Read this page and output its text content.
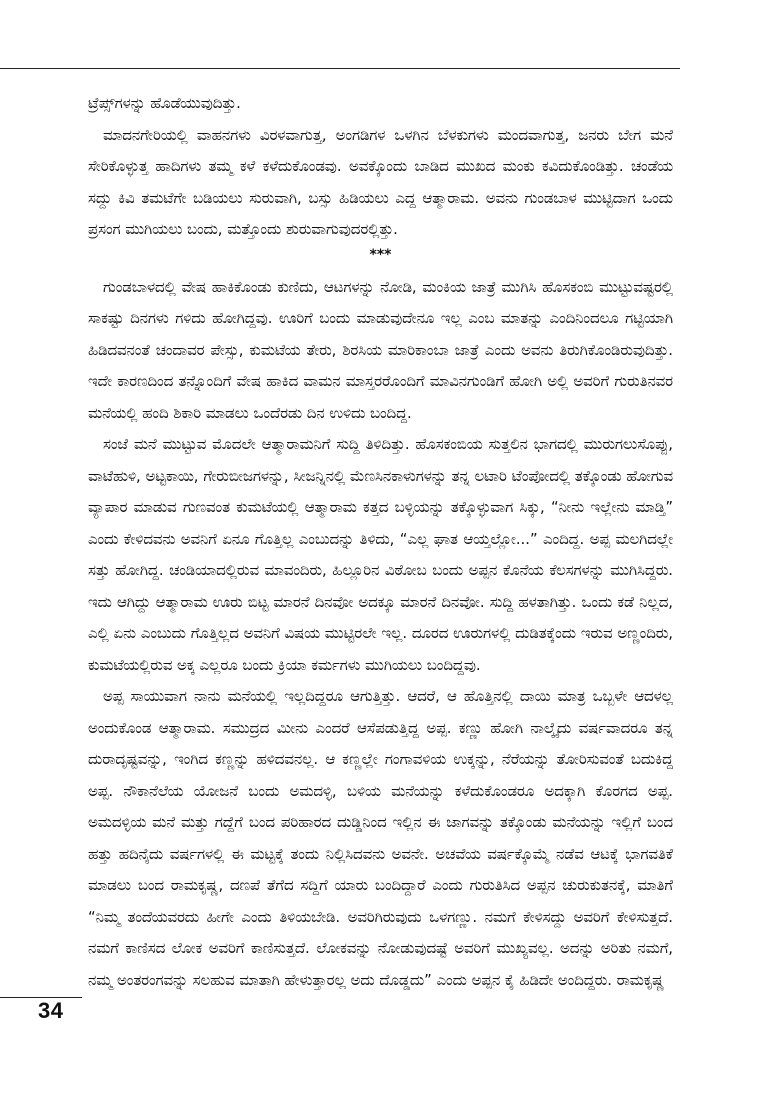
ಟ್ರೆಪ್ಸ್‌ಗಳನ್ನು ಹೊಡೆಯುವುದಿತ್ತು.

ಮಾದನಗೇರಿಯಲ್ಲಿ ವಾಹನಗಳು ವಿರಳವಾಗುತ್ತ, ಅಂಗಡಿಗಳ ಒಳಗಿನ ಬೆಳಕುಗಳು ಮಂದವಾಗುತ್ತ, ಜನರು ಬೇಗ ಮನೆ ಸೇರಿಕೊಳ್ಳುತ್ತ ಹಾದಿಗಳು ತಮ್ಮ ಕಳೆ ಕಳೆದುಕೊಂಡವು. ಅವಕ್ಕೊಂದು ಬಾಡಿದ ಮುಖದ ಮಂಕು ಕವಿದುಕೊಂಡಿತ್ತು. ಚಂಡೆಯ ಸದ್ದು ಕಿವಿ ತಮಟೆಗೇ ಬಡಿಯಲು ಸುರುವಾಗಿ, ಬಸ್ಸು ಹಿಡಿಯಲು ಎದ್ದ ಆತ್ಮಾರಾಮ. ಅವನು ಗುಂಡಬಾಳ ಮುಟ್ಟಿದಾಗ ಒಂದು ಪ್ರಸಂಗ ಮುಗಿಯಲು ಬಂದು, ಮತ್ತೊಂದು ಶುರುವಾಗುವುದರಲ್ಲಿತ್ತು.

***

ಗುಂಡಬಾಳದಲ್ಲಿ ವೇಷ ಹಾಕಿಕೊಂಡು ಕುಣಿದು, ಆಟಗಳನ್ನು ನೋಡಿ, ಮಂಕಿಯ ಜಾತ್ರೆ ಮುಗಿಸಿ ಹೊಸಕಂಬಿ ಮುಟ್ಟುವಷ್ಟರಲ್ಲಿ ಸಾಕಷ್ಟು ದಿನಗಳು ಗಳಿದು ಹೋಗಿದ್ದವು. ಊರಿಗೆ ಬಂದು ಮಾಡುವುದೇನೂ ಇಲ್ಲ ಎಂಬ ಮಾತನ್ನು ಎಂದಿನಿಂದಲೂ ಗಟ್ಟಿಯಾಗಿ ಹಿಡಿದವನಂತೆ ಚಂದಾವರ ಪೇಸ್ಸು, ಕುಮಟೆಯ ತೇರು, ಶಿರಸಿಯ ಮಾರಿಕಾಂಬಾ ಜಾತ್ರೆ ಎಂದು ಅವನು ತಿರುಗಿಕೊಂಡಿರುವುದಿತ್ತು. ಇದೇ ಕಾರಣದಿಂದ ತನ್ನೊಂದಿಗೆ ವೇಷ ಹಾಕಿದ ವಾಮನ ಮಾಸ್ತರರೊಂದಿಗೆ ಮಾವಿನಗುಂಡಿಗೆ ಹೋಗಿ ಅಲ್ಲಿ ಅವರಿಗೆ ಗುರುತಿನವರ ಮನೆಯಲ್ಲಿ ಹಂದಿ ಶಿಕಾರಿ ಮಾಡಲು ಒಂದೆರಡು ದಿನ ಉಳಿದು ಬಂದಿದ್ದ.

ಸಂಜೆ ಮನೆ ಮುಟ್ಟುವ ಮೊದಲೇ ಆತ್ಮಾರಾಮನಿಗೆ ಸುದ್ದಿ ತಿಳಿದಿತ್ತು. ಹೊಸಕಂಬಿಯ ಸುತ್ತಲಿನ ಭಾಗದಲ್ಲಿ ಮುರುಗಲುಸೊಪ್ಪು, ವಾಟೆಹುಳಿ, ಅಟ್ಟಕಾಯಿ, ಗೇರುಬೀಜಗಳನ್ನು, ಸೀಜನ್ನಿನಲ್ಲಿ ಮೆಣಸಿನಕಾಳುಗಳನ್ನು ತನ್ನ ಲಟಾರಿ ಟೆಂಪೋದಲ್ಲಿ ತಕ್ಕೊಂಡು ಹೋಗುವ ವ್ಯಾಪಾರ ಮಾಡುವ ಗುಣವಂತ ಕುಮಟೆಯಲ್ಲಿ ಆತ್ಮಾರಾಮ ಕತ್ತದ ಬಳ್ಳಿಯನ್ನು ತಕ್ಕೊಳ್ಳುವಾಗ ಸಿಕ್ಕು, “ನೀನು ಇಲ್ಲೇನು ಮಾಡ್ತಿ” ಎಂದು ಕೇಳಿದವನು ಅವನಿಗೆ ಏನೂ ಗೊತ್ತಿಲ್ಲ ಎಂಬುದನ್ನು ತಿಳಿದು, “ಎಲ್ಲ ಘಾತ ಆಯ್ತಲ್ಲೋ...” ಎಂದಿದ್ದ. ಅಪ್ಪ ಮಲಗಿದಲ್ಲೇ ಸತ್ತು ಹೋಗಿದ್ದ. ಚಂಡಿಯಾದಲ್ಲಿರುವ ಮಾವಂದಿರು, ಹಿಲ್ಲೂರಿನ ವಿಠೋಬ ಬಂದು ಅಪ್ಪನ ಕೊನೆಯ ಕೆಲಸಗಳನ್ನು ಮುಗಿಸಿದ್ದರು. ಇದು ಆಗಿದ್ದು ಆತ್ಮಾರಾಮ ಊರು ಬಿಟ್ಟ ಮಾರನೆ ದಿನವೋ ಅದಕ್ಕೂ ಮಾರನೆ ದಿನವೋ. ಸುದ್ದಿ ಹಳತಾಗಿತ್ತು. ಒಂದು ಕಡೆ ನಿಲ್ಲದ, ಎಲ್ಲಿ ಏನು ಎಂಬುದು ಗೊತ್ತಿಲ್ಲದ ಅವನಿಗೆ ವಿಷಯ ಮುಟ್ಟಿರಲೇ ಇಲ್ಲ. ದೂರದ ಊರುಗಳಲ್ಲಿ ದುಡಿತಕ್ಕೆಂದು ಇರುವ ಅಣ್ಣಂದಿರು, ಕುಮಟೆಯಲ್ಲಿರುವ ಅಕ್ಕ ಎಲ್ಲರೂ ಬಂದು ಕ್ರಿಯಾ ಕರ್ಮಗಳು ಮುಗಿಯಲು ಬಂದಿದ್ದವು.

ಅಪ್ಪ ಸಾಯುವಾಗ ನಾನು ಮನೆಯಲ್ಲಿ ಇಲ್ಲದಿದ್ದರೂ ಆಗುತ್ತಿತ್ತು. ಆದರೆ, ಆ ಹೊತ್ತಿನಲ್ಲಿ ದಾಯಿ ಮಾತ್ರ ಒಬ್ಬಳೇ ಆದಳಲ್ಲ ಅಂದುಕೊಂಡ ಆತ್ಮಾರಾಮ. ಸಮುದ್ರದ ಮೀನು ಎಂದರೆ ಆಸೆಪಡುತ್ತಿದ್ದ ಅಪ್ಪ. ಕಣ್ಣು ಹೋಗಿ ನಾಲ್ಕೈದು ವರ್ಷವಾದರೂ ತನ್ನ ದುರಾದೃಷ್ಟವನ್ನು, ಇಂಗಿದ ಕಣ್ಣನ್ನು ಹಳಿದವನಲ್ಲ. ಆ ಕಣ್ಣಲ್ಲೇ ಗಂಗಾವಳಿಯ ಉಕ್ಕನ್ನು, ನೆರೆಯನ್ನು ತೋರಿಸುವಂತೆ ಬದುಕಿದ್ದ ಅಪ್ಪ. ನೌಕಾನೆಲೆಯ ಯೋಜನೆ ಬಂದು ಅಮದಳ್ಳಿ, ಬಳಿಯ ಮನೆಯನ್ನು ಕಳೆದುಕೊಂಡರೂ ಅದಕ್ಕಾಗಿ ಕೊರಗದ ಅಪ್ಪ. ಅಮದಳ್ಳಿಯ ಮನೆ ಮತ್ತು ಗದ್ದೆಗೆ ಬಂದ ಪರಿಹಾರದ ದುಡ್ಡಿನಿಂದ ಇಲ್ಲಿನ ಈ ಜಾಗವನ್ನು ತಕ್ಕೊಂಡು ಮನೆಯನ್ನು ಇಲ್ಲಿಗೆ ಬಂದ ಹತ್ತು ಹದಿನೈದು ವರ್ಷಗಳಲ್ಲಿ ಈ ಮಟ್ಟಕ್ಕೆ ತಂದು ನಿಲ್ಲಿಸಿದವನು ಅವನೇ. ಅಚವೆಯ ವರ್ಷಕ್ಕೊಮ್ಮೆ ನಡೆವ ಆಟಕ್ಕೆ ಭಾಗವತಿಕೆ ಮಾಡಲು ಬಂದ ರಾಮಕೃಷ್ಣ, ದಣಪೆ ತೆಗೆದ ಸದ್ದಿಗೆ ಯಾರು ಬಂದಿದ್ದಾರೆ ಎಂದು ಗುರುತಿಸಿದ ಅಪ್ಪನ ಚುರುಕುತನಕ್ಕೆ, ಮಾತಿಗೆ “ನಿಮ್ಮ ತಂದೆಯವರದು ಹೀಗೇ ಎಂದು ತಿಳಿಯಬೇಡಿ. ಅವರಿಗಿರುವುದು ಒಳಗಣ್ಣು. ನಮಗೆ ಕೇಳಿಸದ್ದು ಅವರಿಗೆ ಕೇಳಿಸುತ್ತದೆ. ನಮಗೆ ಕಾಣಿಸದ ಲೋಕ ಅವರಿಗೆ ಕಾಣಿಸುತ್ತದೆ. ಲೋಕವನ್ನು ನೋಡುವುದಷ್ಟೆ ಅವರಿಗೆ ಮುಖ್ಯವಲ್ಲ. ಅದನ್ನು ಅರಿತು ನಮಗೆ, ನಮ್ಮ ಅಂತರಂಗವನ್ನು ಸಲಹುವ ಮಾತಾಗಿ ಹೇಳುತ್ತಾರಲ್ಲ ಅದು ದೊಡ್ಡದು” ಎಂದು ಅಪ್ಪನ ಕೈ ಹಿಡಿದೇ ಅಂದಿದ್ದರು. ರಾಮಕೃಷ್ಣ

34
